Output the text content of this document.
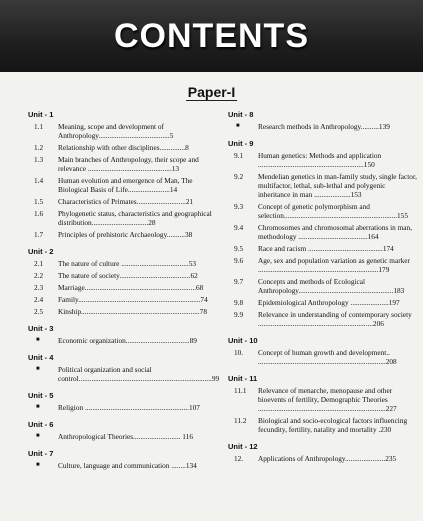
CONTENTS
Paper-I
Unit - 1
1.1	Meaning, scope and development of Anthropology.......................................5
1.2	Relationship with other disciplines..............8
1.3	Main branches of Anthropology, their scope and relevance ..............................................13
1.4	Human evolution and emergence of Man, The Biological Basis of Life.......................14
1.5	Characteristics of Primates...........................21
1.6	Phylogenetic status, characteristics and geographical distribution...............................28
1.7	Principles of prehistoric Archaeology..........38
Unit - 2
2.1	The nature of culture .....................................53
2.2	The nature of society.......................................62
2.3	Marriage.............................................................68
2.4	Family...................................................................74
2.5	Kinship.................................................................78
Unit - 3
■	Economic organization...................................89
Unit - 4
■	Political organization and social control.........................................................................99
Unit - 5
■	Religion .........................................................107
Unit - 6
■	Anthropological Theories.......................... 116
Unit - 7
■	Culture, language and communication ........134
Unit - 8
■	Research methods in Anthropology..........139
Unit - 9
9.1	Human genetics: Methods and application ..........................................................150
9.2	Mendelian genetics in man-family study, single factor, multifactor, lethal, sub-lethal and polygenic inheritance in man ....................153
9.3	Concept of genetic polymorphism and selection..............................................................155
9.4	Chromosomes and chromosomal aberrations in man, methodology ......................................164
9.5	Race and racism .........................................174
9.6	Age, sex and population variation as genetic marker ..................................................................179
9.7	Concepts and methods of Ecological Anthropology....................................................183
9.8	Epidemiological Anthropology .....................197
9.9	Relevance in understanding of contemporary society ...............................................................206
Unit - 10
10.	Concept of human growth and development.. ......................................................................208
Unit - 11
11.1	Relevance of menarche, menopause and other bioevents of fertility, Demographic Theories ......................................................................227
11.2	Biological and socio-ecological factors influencing fecundity, fertility, natality and mortality .230
Unit - 12
12.	Applications of Anthropology......................235
